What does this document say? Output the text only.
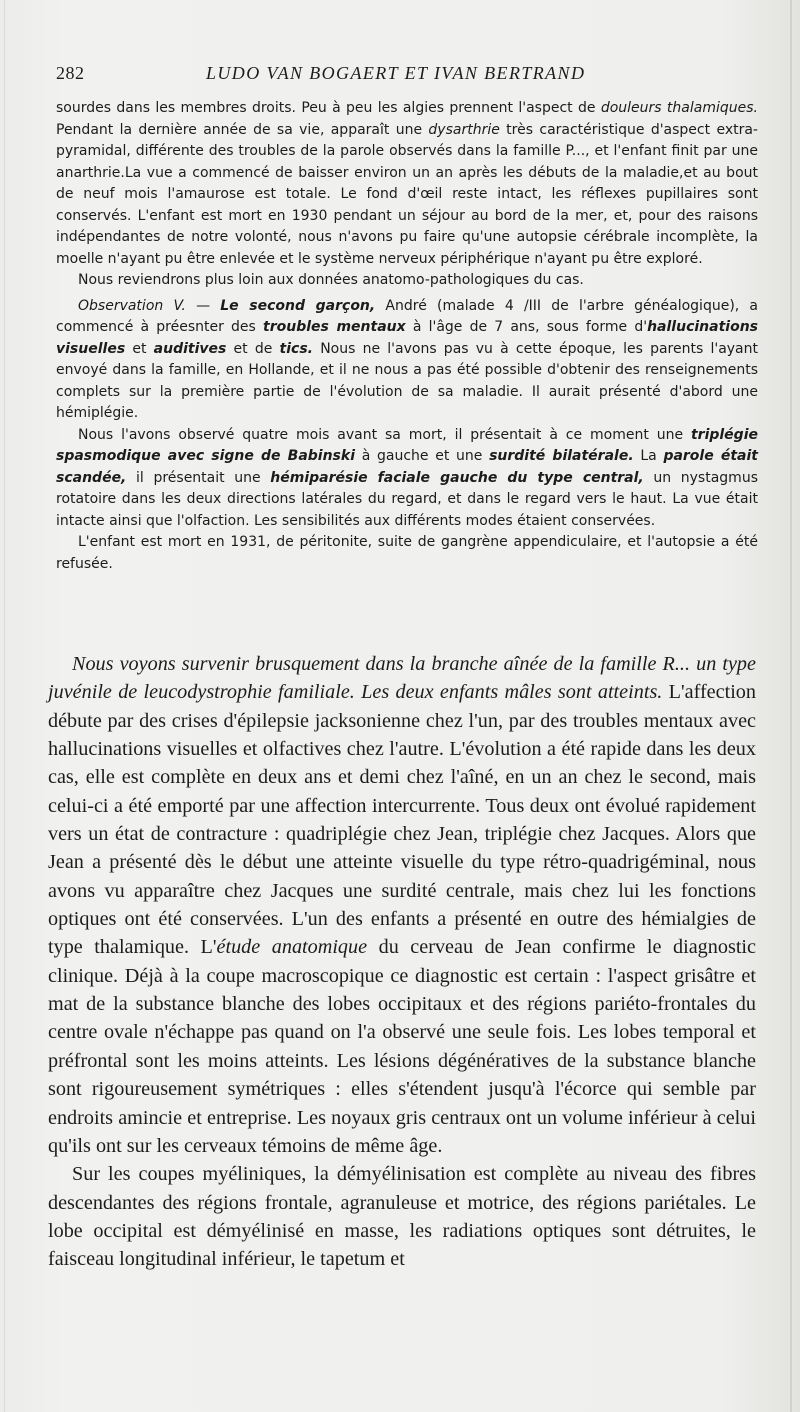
282	LUDO VAN BOGAERT ET IVAN BERTRAND

sourdes dans les membres droits. Peu à peu les algies prennent l'aspect de douleurs thalamiques. Pendant la dernière année de sa vie, apparaît une dysarthrie très caractéristique d'aspect extra-pyramidal, différente des troubles de la parole observés dans la famille P..., et l'enfant finit par une anarthrie.La vue a commencé de baisser environ un an après les débuts de la maladie,et au bout de neuf mois l'amaurose est totale. Le fond d'œil reste intact, les réflexes pupillaires sont conservés. L'enfant est mort en 1930 pendant un séjour au bord de la mer, et, pour des raisons indépendantes de notre volonté, nous n'avons pu faire qu'une autopsie cérébrale incomplète, la moelle n'ayant pu être enlevée et le système nerveux périphérique n'ayant pu être exploré.

Nous reviendrons plus loin aux données anatomo-pathologiques du cas.

Observation V. — Le second garçon, André (malade 4 /III de l'arbre généalogique), a commencé à préesnter des troubles mentaux à l'âge de 7 ans, sous forme d'hallucinations visuelles et auditives et de tics. Nous ne l'avons pas vu à cette époque, les parents l'ayant envoyé dans la famille, en Hollande, et il ne nous a pas été possible d'obtenir des renseignements complets sur la première partie de l'évolution de sa maladie. Il aurait présenté d'abord une hémiplégie.

Nous l'avons observé quatre mois avant sa mort, il présentait à ce moment une triplégie spasmodique avec signe de Babinski à gauche et une surdité bilatérale. La parole était scandée, il présentait une hémiparésie faciale gauche du type central, un nystagmus rotatoire dans les deux directions latérales du regard, et dans le regard vers le haut. La vue était intacte ainsi que l'olfaction. Les sensibilités aux différents modes étaient conservées.

L'enfant est mort en 1931, de péritonite, suite de gangrène appendiculaire, et l'autopsie a été refusée.

Nous voyons survenir brusquement dans la branche aînée de la famille R... un type juvénile de leucodystrophie familiale. Les deux enfants mâles sont atteints. L'affection débute par des crises d'épilepsie jacksonienne chez l'un, par des troubles mentaux avec hallucinations visuelles et olfactives chez l'autre. L'évolution a été rapide dans les deux cas, elle est complète en deux ans et demi chez l'aîné, en un an chez le second, mais celui-ci a été emporté par une affection intercurrente. Tous deux ont évolué rapidement vers un état de contracture : quadriplégie chez Jean, triplégie chez Jacques. Alors que Jean a présenté dès le début une atteinte visuelle du type rétro-quadrigéminal, nous avons vu apparaître chez Jacques une surdité centrale, mais chez lui les fonctions optiques ont été conservées. L'un des enfants a présenté en outre des hémialgies de type thalamique. L'étude anatomique du cerveau de Jean confirme le diagnostic clinique. Déjà à la coupe macroscopique ce diagnostic est certain : l'aspect grisâtre et mat de la substance blanche des lobes occipitaux et des régions pariéto-frontales du centre ovale n'échappe pas quand on l'a observé une seule fois. Les lobes temporal et préfrontal sont les moins atteints. Les lésions dégénératives de la substance blanche sont rigoureusement symétriques : elles s'étendent jusqu'à l'écorce qui semble par endroits amincie et entreprise. Les noyaux gris centraux ont un volume inférieur à celui qu'ils ont sur les cerveaux témoins de même âge.

Sur les coupes myéliniques, la démyélinisation est complète au niveau des fibres descendantes des régions frontale, agranuleuse et motrice, des régions pariétales. Le lobe occipital est démyélinisé en masse, les radiations optiques sont détruites, le faisceau longitudinal inférieur, le tapetum et
